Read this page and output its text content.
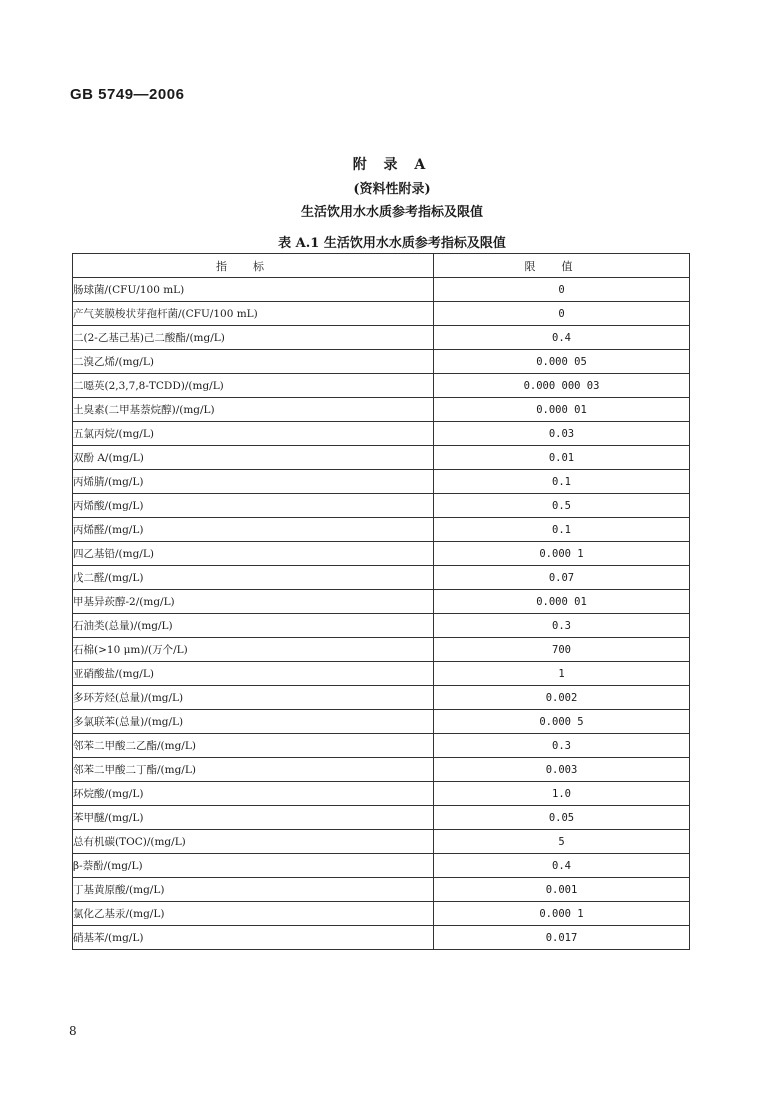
GB 5749—2006
附 录 A
(资料性附录)
生活饮用水水质参考指标及限值
表 A.1 生活饮用水水质参考指标及限值
指标	限值
肠球菌/(CFU/100 mL)	0
产气荚膜梭状芽孢杆菌/(CFU/100 mL)	0
二(2-乙基己基)己二酸酯/(mg/L)	0.4
二溴乙烯/(mg/L)	0.000 05
二噁英(2,3,7,8-TCDD)/(mg/L)	0.000 000 03
土臭素(二甲基萘烷醇)/(mg/L)	0.000 01
五氯丙烷/(mg/L)	0.03
双酚 A/(mg/L)	0.01
丙烯腈/(mg/L)	0.1
丙烯酸/(mg/L)	0.5
丙烯醛/(mg/L)	0.1
四乙基铅/(mg/L)	0.000 1
戊二醛/(mg/L)	0.07
甲基异莰醇-2/(mg/L)	0.000 01
石油类(总量)/(mg/L)	0.3
石棉(>10 μm)/(万个/L)	700
亚硝酸盐/(mg/L)	1
多环芳烃(总量)/(mg/L)	0.002
多氯联苯(总量)/(mg/L)	0.000 5
邻苯二甲酸二乙酯/(mg/L)	0.3
邻苯二甲酸二丁酯/(mg/L)	0.003
环烷酸/(mg/L)	1.0
苯甲醚/(mg/L)	0.05
总有机碳(TOC)/(mg/L)	5
β-萘酚/(mg/L)	0.4
丁基黄原酸/(mg/L)	0.001
氯化乙基汞/(mg/L)	0.000 1
硝基苯/(mg/L)	0.017
8
